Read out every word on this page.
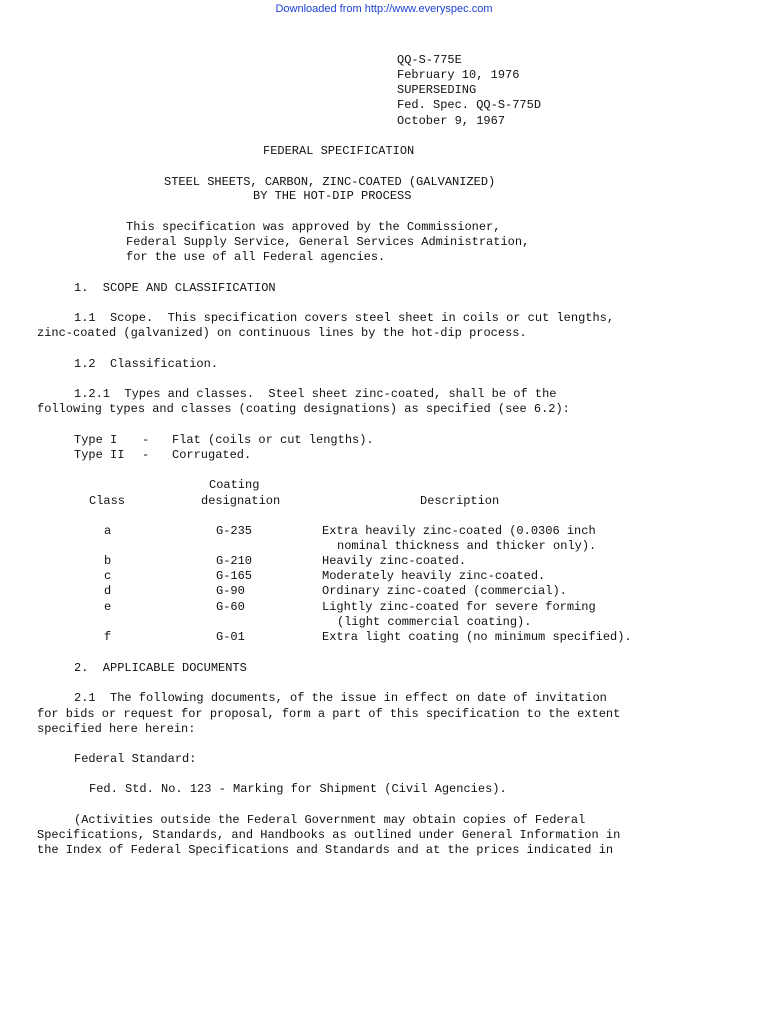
Downloaded from http://www.everyspec.com
QQ-S-775E
February 10, 1976
SUPERSEDING
Fed. Spec. QQ-S-775D
October 9, 1967
FEDERAL SPECIFICATION
STEEL SHEETS, CARBON, ZINC-COATED (GALVANIZED)
BY THE HOT-DIP PROCESS
This specification was approved by the Commissioner,
Federal Supply Service, General Services Administration,
for the use of all Federal agencies.
1.  SCOPE AND CLASSIFICATION
1.1  Scope.  This specification covers steel sheet in coils or cut lengths,
zinc-coated (galvanized) on continuous lines by the hot-dip process.
1.2  Classification.
1.2.1  Types and classes.  Steel sheet zinc-coated, shall be of the
following types and classes (coating designations) as specified (see 6.2):
Type I - Flat (coils or cut lengths).
Type II - Corrugated.
Coating
Class	designation	Description
a	G-235	Extra heavily zinc-coated (0.0306 inch
nominal thickness and thicker only).
b	G-210	Heavily zinc-coated.
c	G-165	Moderately heavily zinc-coated.
d	G-90	Ordinary zinc-coated (commercial).
e	G-60	Lightly zinc-coated for severe forming
(light commercial coating).
f	G-01	Extra light coating (no minimum specified).
2.  APPLICABLE DOCUMENTS
2.1  The following documents, of the issue in effect on date of invitation
for bids or request for proposal, form a part of this specification to the extent
specified here herein:
Federal Standard:
Fed. Std. No. 123 - Marking for Shipment (Civil Agencies).
(Activities outside the Federal Government may obtain copies of Federal
Specifications, Standards, and Handbooks as outlined under General Information in
the Index of Federal Specifications and Standards and at the prices indicated in
